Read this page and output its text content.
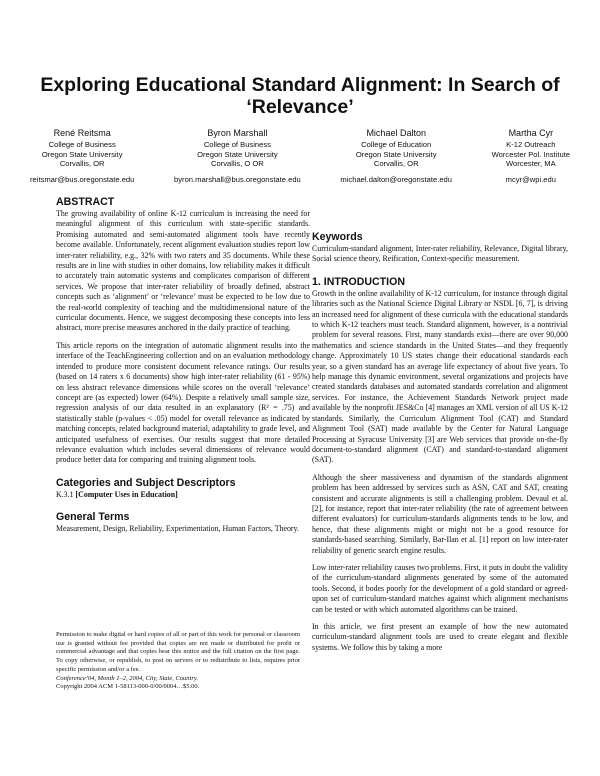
Exploring Educational Standard Alignment: In Search of ‘Relevance’
René Reitsma
College of Business
Oregon State University
Corvallis, OR
reitsmar@bus.oregonstate.edu
Byron Marshall
College of Business
Oregon State University
Corvallis, O OR
byron.marshall@bus.oregonstate.edu
Michael Dalton
College of Education
Oregon State University
Corvallis, OR
michael.dalton@oregonstate.edu
Martha Cyr
K-12 Outreach
Worcester Pol. Institute
Worcester, MA
mcyr@wpi.edu
ABSTRACT

The growing availability of online K-12 curriculum is increasing the need for meaningful alignment of this curriculum with state-specific standards. Promising automated and semi-automated alignment tools have recently become available. Unfortunately, recent alignment evaluation studies report low inter-rater reliability, e.g., 32% with two raters and 35 documents. While these results are in line with studies in other domains, low reliability makes it difficult to accurately train automatic systems and complicates comparison of different services. We propose that inter-rater reliability of broadly defined, abstract concepts such as ‘alignment’ or ‘relevance’ must be expected to be low due to the real-world complexity of teaching and the multidimensional nature of the curricular documents. Hence, we suggest decomposing these concepts into less abstract, more precise measures anchored in the daily practice of teaching.

This article reports on the integration of automatic alignment results into the interface of the TeachEngineering collection and on an evaluation methodology intended to produce more consistent document relevance ratings. Our results (based on 14 raters x 6 documents) show high inter-rater reliability (61 - 95%) on less abstract relevance dimensions while scores on the overall ‘relevance’ concept are (as expected) lower (64%). Despite a relatively small sample size, regression analysis of our data resulted in an explanatory (R² = .75) and statistically stable (p-values < .05) model for overall relevance as indicated by matching concepts, related background material, adaptability to grade level, and anticipated usefulness of exercises. Our results suggest that more detailed relevance evaluation which includes several dimensions of relevance would produce better data for comparing and training alignment tools.

Categories and Subject Descriptors
K.3.1 [Computer Uses in Education]
General Terms

Measurement, Design, Reliability, Experimentation, Human Factors, Theory.

Permission to make digital or hard copies of all or part of this work for personal or classroom use is granted without fee provided that copies are not made or distributed for profit or commercial advantage and that copies bear this notice and the full citation on the first page. To copy otherwise, or republish, to post on servers or to redistribute to lists, requires prior specific permission and/or a fee.
Conference’04, Month 1–2, 2004, City, State, Country.
Copyright 2004 ACM 1-58113-000-0/00/0004…$5.00.
Keywords

Curriculum-standard alignment, Inter-rater reliability, Relevance, Digital library, Social science theory, Reification, Context-specific measurement.

1. INTRODUCTION

Growth in the online availability of K-12 curriculum, for instance through digital libraries such as the National Science Digital Library or NSDL [6, 7], is driving an increased need for alignment of these curricula with the educational standards to which K-12 teachers must teach. Standard alignment, however, is a nontrivial problem for several reasons. First, many standards exist—there are over 90,000 mathematics and science standards in the United States—and they frequently change. Approximately 10 US states change their educational standards each year, so a given standard has an average life expectancy of about five years. To help manage this dynamic environment, several organizations and projects have created standards databases and automated standards correlation and alignment services. For instance, the Achievement Standards Network project made available by the nonprofit JES&Co [4] manages an XML version of all US K-12 standards. Similarly, the Curriculum Alignment Tool (CAT) and Standard Alignment Tool (SAT) made available by the Center for Natural Language Processing at Syracuse University [3] are Web services that provide on-the-fly document-to-standard alignment (CAT) and standard-to-standard alignment (SAT).

Although the sheer massiveness and dynamism of the standards alignment problem has been addressed by services such as ASN, CAT and SAT, creating consistent and accurate alignments is still a challenging problem. Devaul et al. [2], for instance, report that inter-rater reliability (the rate of agreement between different evaluators) for curriculum-standards alignments tends to be low, and hence, that these alignments might or might not be a good resource for standards-based searching. Similarly, Bar-Ilan et al. [1] report on low inter-rater reliability of generic search engine results.

Low inter-rater reliability causes two problems. First, it puts in doubt the validity of the curriculum-standard alignments generated by some of the automated tools. Second, it bodes poorly for the development of a gold standard or agreed-upon set of curriculum-standard matches against which alignment mechanisms can be tested or with which automated algorithms can be trained.

In this article, we first present an example of how the new automated curriculum-standard alignment tools are used to create elegant and flexible systems. We follow this by taking a more
